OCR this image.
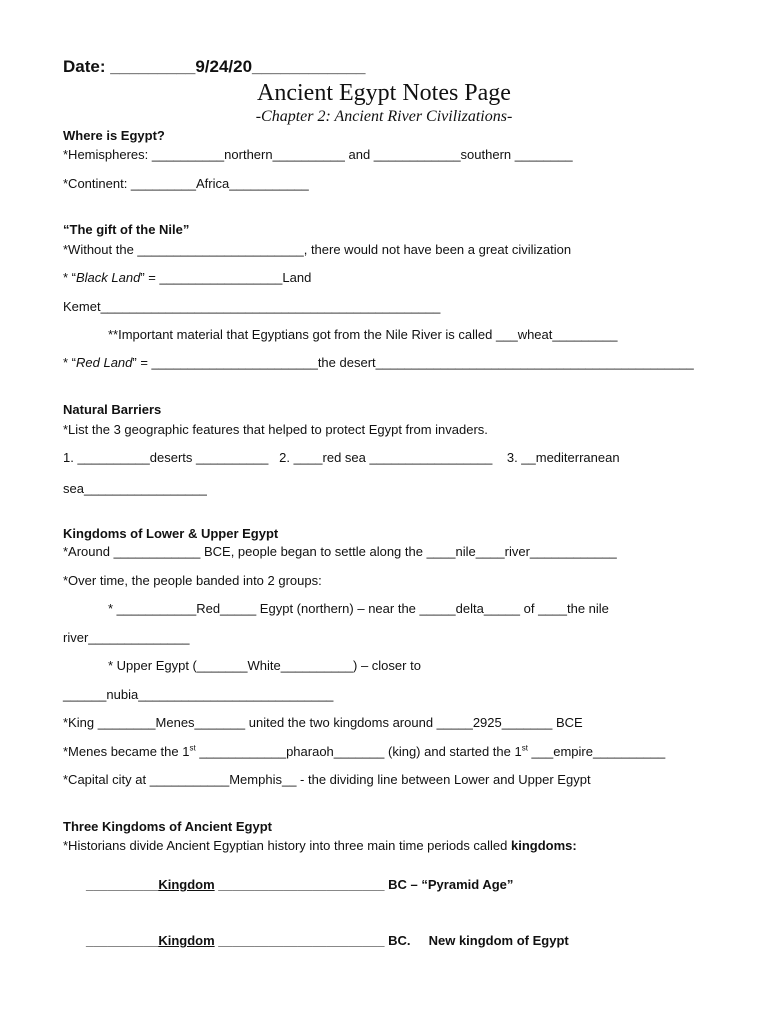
Date: _________9/24/20____________
Ancient Egypt Notes Page
-Chapter 2: Ancient River Civilizations-
Where is Egypt?
*Hemispheres: __________northern__________ and ____________southern ________
*Continent: _________Africa___________
“The gift of the Nile”
*Without the _______________________, there would not have been a great civilization
* “Black Land” = _________________Land
Kemet_______________________________________________
**Important material that Egyptians got from the Nile River is called ___wheat_________
* “Red Land” = _______________________the desert____________________________________________
Natural Barriers
*List the 3 geographic features that helped to protect Egypt from invaders.
1. __________deserts __________   2. ____red sea _________________    3. __mediterranean
sea_________________
Kingdoms of Lower & Upper Egypt
*Around ____________ BCE, people began to settle along the ____nile____river____________
*Over time, the people banded into 2 groups:
* ___________Red_____ Egypt (northern) – near the _____delta_____ of ____the nile
river______________
* Upper Egypt (_______White__________) – closer to
______nubia___________________________
*King ________Menes_______ united the two kingdoms around _____2925_______ BCE
*Menes became the 1st ____________pharaoh_______ (king) and started the 1st ___empire__________
*Capital city at ___________Memphis__ - the dividing line between Lower and Upper Egypt
Three Kingdoms of Ancient Egypt
*Historians divide Ancient Egyptian history into three main time periods called kingdoms:
__________Kingdom _______________________ BC – “Pyramid Age”
__________Kingdom _______________________ BC.     New kingdom of Egypt
